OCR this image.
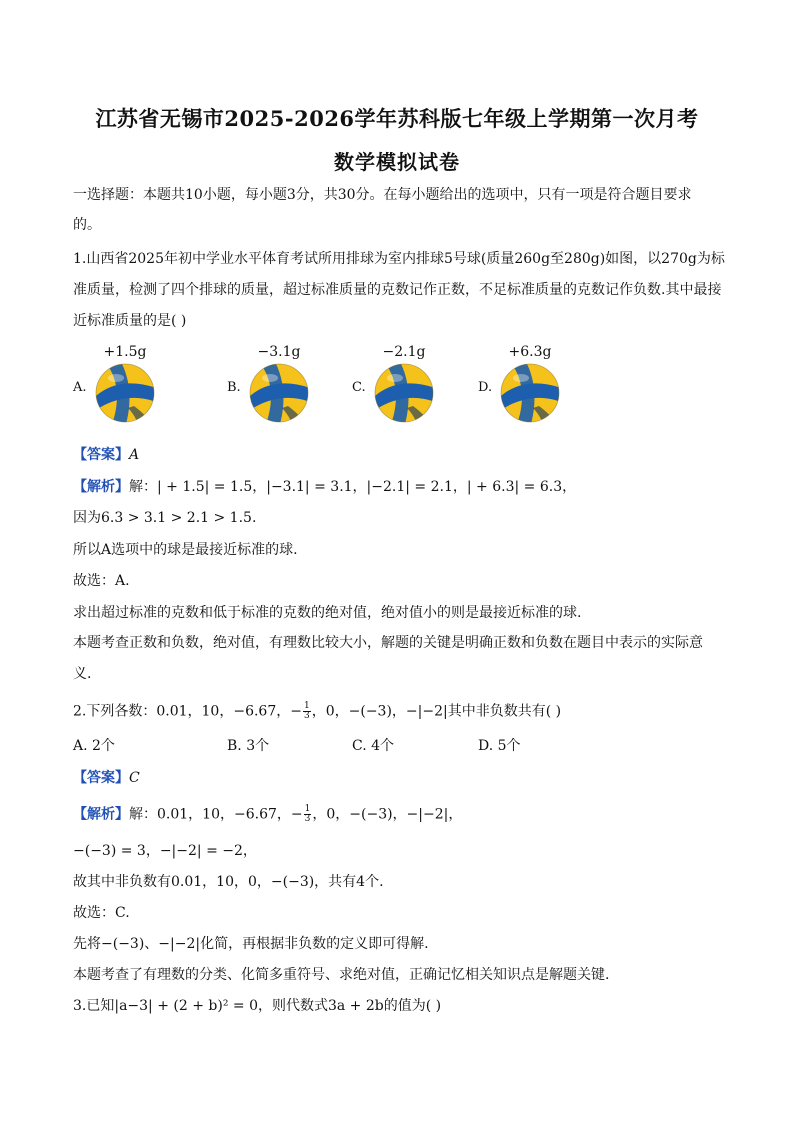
江苏省无锡市2025-2026学年苏科版七年级上学期第一次月考
数学模拟试卷
一选择题：本题共10小题，每小题3分，共30分。在每小题给出的选项中，只有一项是符合题目要求
的。
1.山西省2025年初中学业水平体育考试所用排球为室内排球5号球(质量260g至280g)如图，以270g为标
准质量，检测了四个排球的质量，超过标准质量的克数记作正数，不足标准质量的克数记作负数.其中最接
近标准质量的是( )
A.
+1.5g
B.
−3.1g
C.
−2.1g
D.
+6.3g
【答案】A
【解析】解：| + 1.5| = 1.5，|−3.1| = 3.1，|−2.1| = 2.1，| + 6.3| = 6.3，
因为6.3 > 3.1 > 2.1 > 1.5.
所以A选项中的球是最接近标准的球.
故选：A.
求出超过标准的克数和低于标准的克数的绝对值，绝对值小的则是最接近标准的球.
本题考查正数和负数，绝对值，有理数比较大小，解题的关键是明确正数和负数在题目中表示的实际意
义.
2.下列各数：0.01，10，−6.67，− $\frac{1}{3}$ ，0，−(−3)，−|−2|其中非负数共有( )
A. 2个	B. 3个	C. 4个	D. 5个
【答案】C
【解析】解：0.01，10，−6.67，− $\frac{1}{3}$ ，0，−(−3)，−|−2|，
−(−3) = 3，−|−2| = −2，
故其中非负数有0.01，10，0，−(−3)，共有4个.
故选：C.
先将−(−3)、−|−2|化简，再根据非负数的定义即可得解.
本题考查了有理数的分类、化简多重符号、求绝对值，正确记忆相关知识点是解题关键.
3.已知|a−3| + (2 + b)² = 0，则代数式3a + 2b的值为( )
